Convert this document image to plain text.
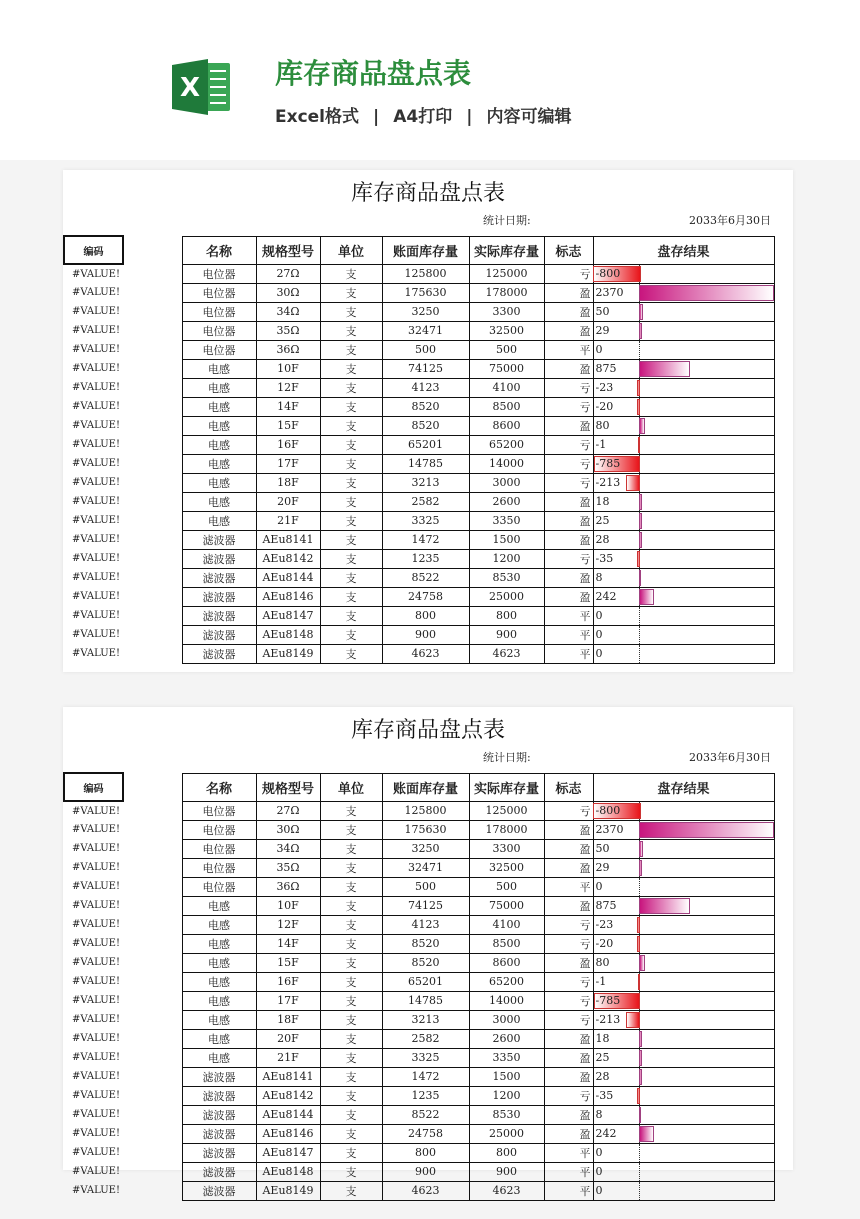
X	库存商品盘点表
Excel格式 | A4打印 | 内容可编辑
库存商品盘点表
统计日期:	2033年6月30日
编码		名称	规格型号	单位	账面库存量	实际库存量	标志	盘存结果
#VALUE!		电位器	27Ω	支	125800	125000	亏	-800
#VALUE!		电位器	30Ω	支	175630	178000	盈	2370
#VALUE!		电位器	34Ω	支	3250	3300	盈	50
#VALUE!		电位器	35Ω	支	32471	32500	盈	29
#VALUE!		电位器	36Ω	支	500	500	平	0
#VALUE!		电感	10F	支	74125	75000	盈	875
#VALUE!		电感	12F	支	4123	4100	亏	-23
#VALUE!		电感	14F	支	8520	8500	亏	-20
#VALUE!		电感	15F	支	8520	8600	盈	80
#VALUE!		电感	16F	支	65201	65200	亏	-1
#VALUE!		电感	17F	支	14785	14000	亏	-785
#VALUE!		电感	18F	支	3213	3000	亏	-213
#VALUE!		电感	20F	支	2582	2600	盈	18
#VALUE!		电感	21F	支	3325	3350	盈	25
#VALUE!		滤波器	AEu8141	支	1472	1500	盈	28
#VALUE!		滤波器	AEu8142	支	1235	1200	亏	-35
#VALUE!		滤波器	AEu8144	支	8522	8530	盈	8
#VALUE!		滤波器	AEu8146	支	24758	25000	盈	242
#VALUE!		滤波器	AEu8147	支	800	800	平	0
#VALUE!		滤波器	AEu8148	支	900	900	平	0
#VALUE!		滤波器	AEu8149	支	4623	4623	平	0
库存商品盘点表
统计日期:	2033年6月30日
编码		名称	规格型号	单位	账面库存量	实际库存量	标志	盘存结果
#VALUE!		电位器	27Ω	支	125800	125000	亏	-800
#VALUE!		电位器	30Ω	支	175630	178000	盈	2370
#VALUE!		电位器	34Ω	支	3250	3300	盈	50
#VALUE!		电位器	35Ω	支	32471	32500	盈	29
#VALUE!		电位器	36Ω	支	500	500	平	0
#VALUE!		电感	10F	支	74125	75000	盈	875
#VALUE!		电感	12F	支	4123	4100	亏	-23
#VALUE!		电感	14F	支	8520	8500	亏	-20
#VALUE!		电感	15F	支	8520	8600	盈	80
#VALUE!		电感	16F	支	65201	65200	亏	-1
#VALUE!		电感	17F	支	14785	14000	亏	-785
#VALUE!		电感	18F	支	3213	3000	亏	-213
#VALUE!		电感	20F	支	2582	2600	盈	18
#VALUE!		电感	21F	支	3325	3350	盈	25
#VALUE!		滤波器	AEu8141	支	1472	1500	盈	28
#VALUE!		滤波器	AEu8142	支	1235	1200	亏	-35
#VALUE!		滤波器	AEu8144	支	8522	8530	盈	8
#VALUE!		滤波器	AEu8146	支	24758	25000	盈	242
#VALUE!		滤波器	AEu8147	支	800	800	平	0
#VALUE!		滤波器	AEu8148	支	900	900	平	0
#VALUE!		滤波器	AEu8149	支	4623	4623	平	0
